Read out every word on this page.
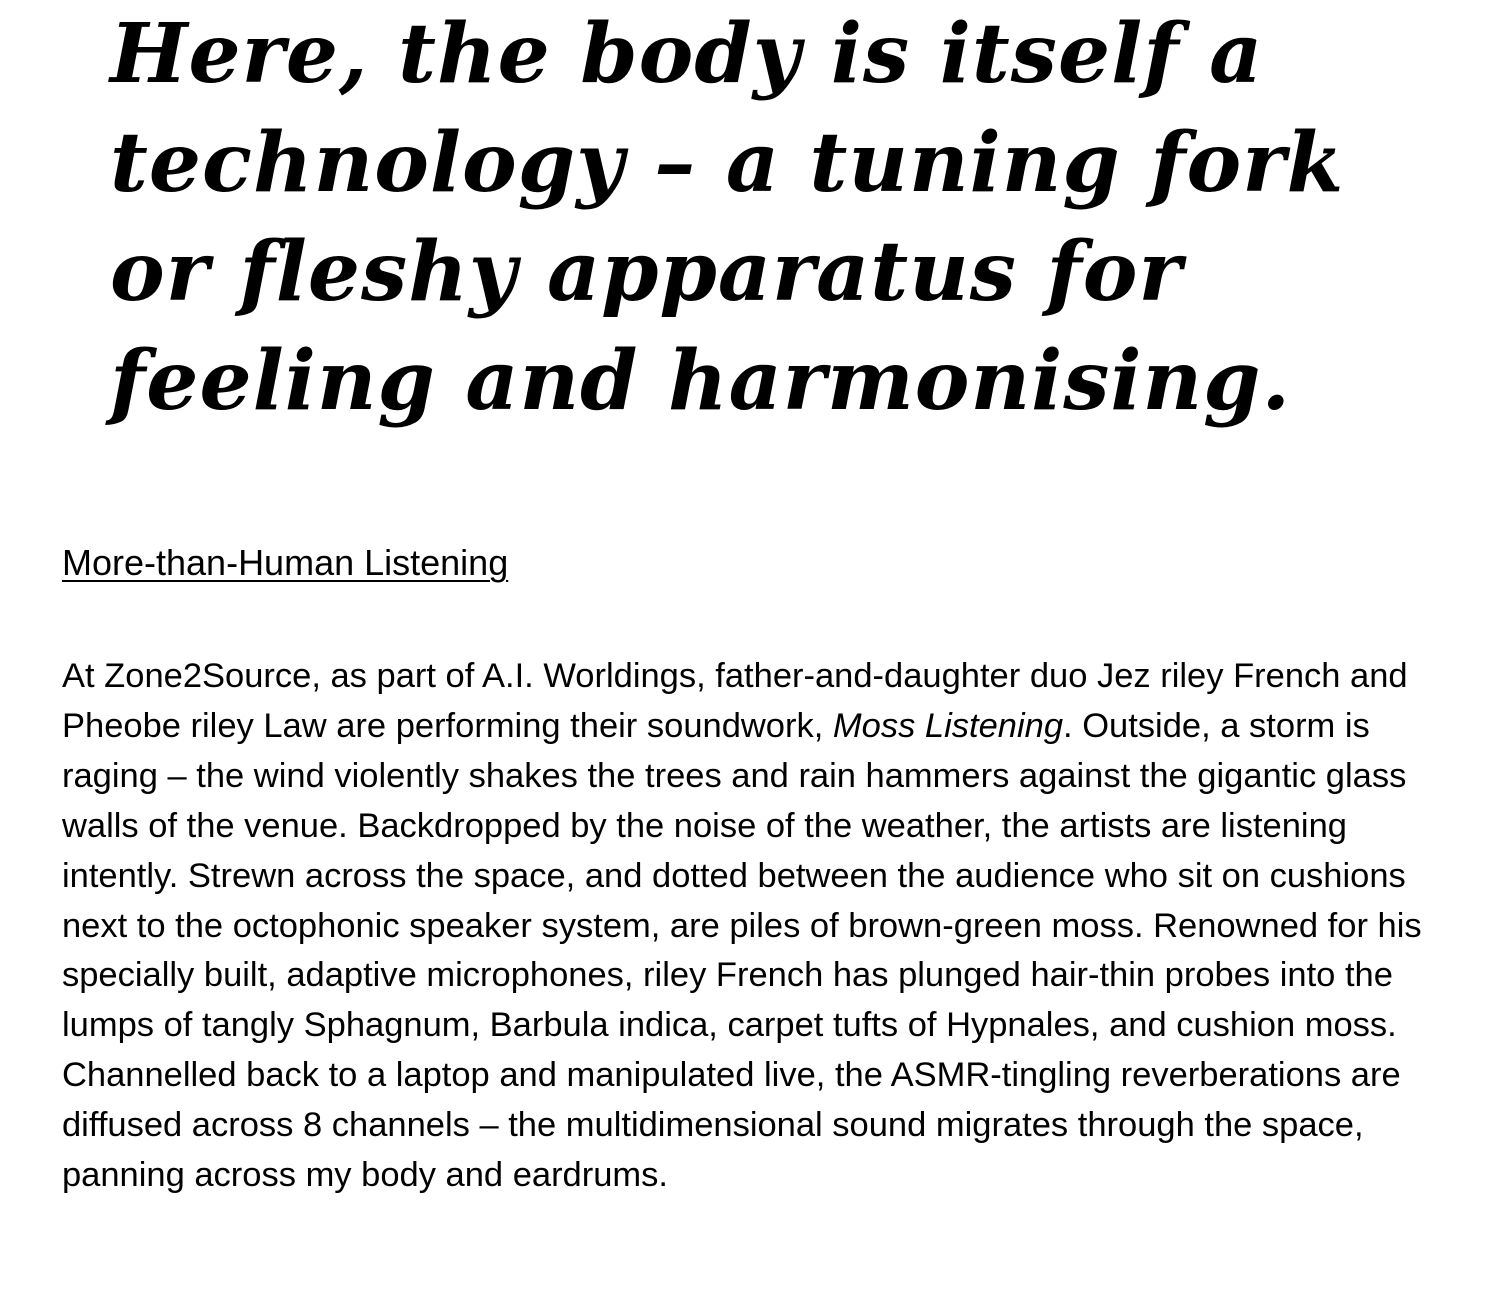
Here, the body is itself a technology – a tuning fork or fleshy apparatus for feeling and harmonising.
More-than-Human Listening

At Zone2Source, as part of A.I. Worldings, father-and-daughter duo Jez riley French and Pheobe riley Law are performing their soundwork, Moss Listening. Outside, a storm is raging – the wind violently shakes the trees and rain hammers against the gigantic glass walls of the venue. Backdropped by the noise of the weather, the artists are listening intently. Strewn across the space, and dotted between the audience who sit on cushions next to the octophonic speaker system, are piles of brown-green moss. Renowned for his specially built, adaptive microphones, riley French has plunged hair-thin probes into the lumps of tangly Sphagnum, Barbula indica, carpet tufts of Hypnales, and cushion moss. Channelled back to a laptop and manipulated live, the ASMR-tingling reverberations are diffused across 8 channels – the multidimensional sound migrates through the space, panning across my body and eardrums.
